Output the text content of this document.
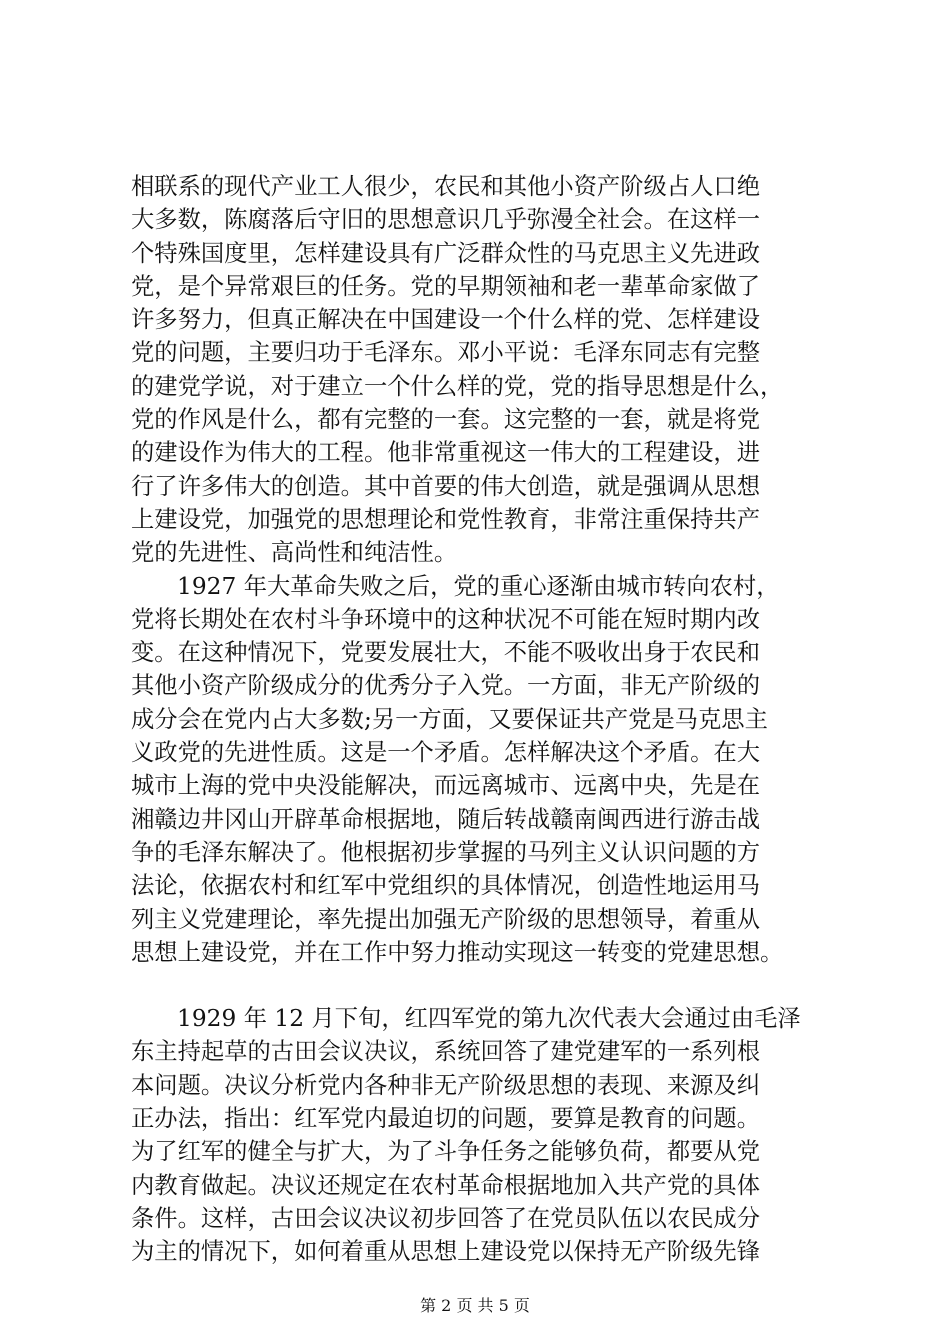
相联系的现代产业工人很少，农民和其他小资产阶级占人口绝
大多数，陈腐落后守旧的思想意识几乎弥漫全社会。在这样一
个特殊国度里，怎样建设具有广泛群众性的马克思主义先进政
党，是个异常艰巨的任务。党的早期领袖和老一辈革命家做了
许多努力，但真正解决在中国建设一个什么样的党、怎样建设
党的问题，主要归功于毛泽东。邓小平说：毛泽东同志有完整
的建党学说，对于建立一个什么样的党，党的指导思想是什么，
党的作风是什么，都有完整的一套。这完整的一套，就是将党
的建设作为伟大的工程。他非常重视这一伟大的工程建设，进
行了许多伟大的创造。其中首要的伟大创造，就是强调从思想
上建设党，加强党的思想理论和党性教育，非常注重保持共产
党的先进性、高尚性和纯洁性。

1927 年大革命失败之后，党的重心逐渐由城市转向农村，
党将长期处在农村斗争环境中的这种状况不可能在短时期内改
变。在这种情况下，党要发展壮大，不能不吸收出身于农民和
其他小资产阶级成分的优秀分子入党。一方面，非无产阶级的
成分会在党内占大多数;另一方面，又要保证共产党是马克思主
义政党的先进性质。这是一个矛盾。怎样解决这个矛盾。在大
城市上海的党中央没能解决，而远离城市、远离中央，先是在
湘赣边井冈山开辟革命根据地，随后转战赣南闽西进行游击战
争的毛泽东解决了。他根据初步掌握的马列主义认识问题的方
法论，依据农村和红军中党组织的具体情况，创造性地运用马
列主义党建理论，率先提出加强无产阶级的思想领导，着重从
思想上建设党，并在工作中努力推动实现这一转变的党建思想。

1929 年 12 月下旬，红四军党的第九次代表大会通过由毛泽
东主持起草的古田会议决议，系统回答了建党建军的一系列根
本问题。决议分析党内各种非无产阶级思想的表现、来源及纠
正办法，指出：红军党内最迫切的问题，要算是教育的问题。
为了红军的健全与扩大，为了斗争任务之能够负荷，都要从党
内教育做起。决议还规定在农村革命根据地加入共产党的具体
条件。这样，古田会议决议初步回答了在党员队伍以农民成分
为主的情况下，如何着重从思想上建设党以保持无产阶级先锋

第 2 页 共 5 页
